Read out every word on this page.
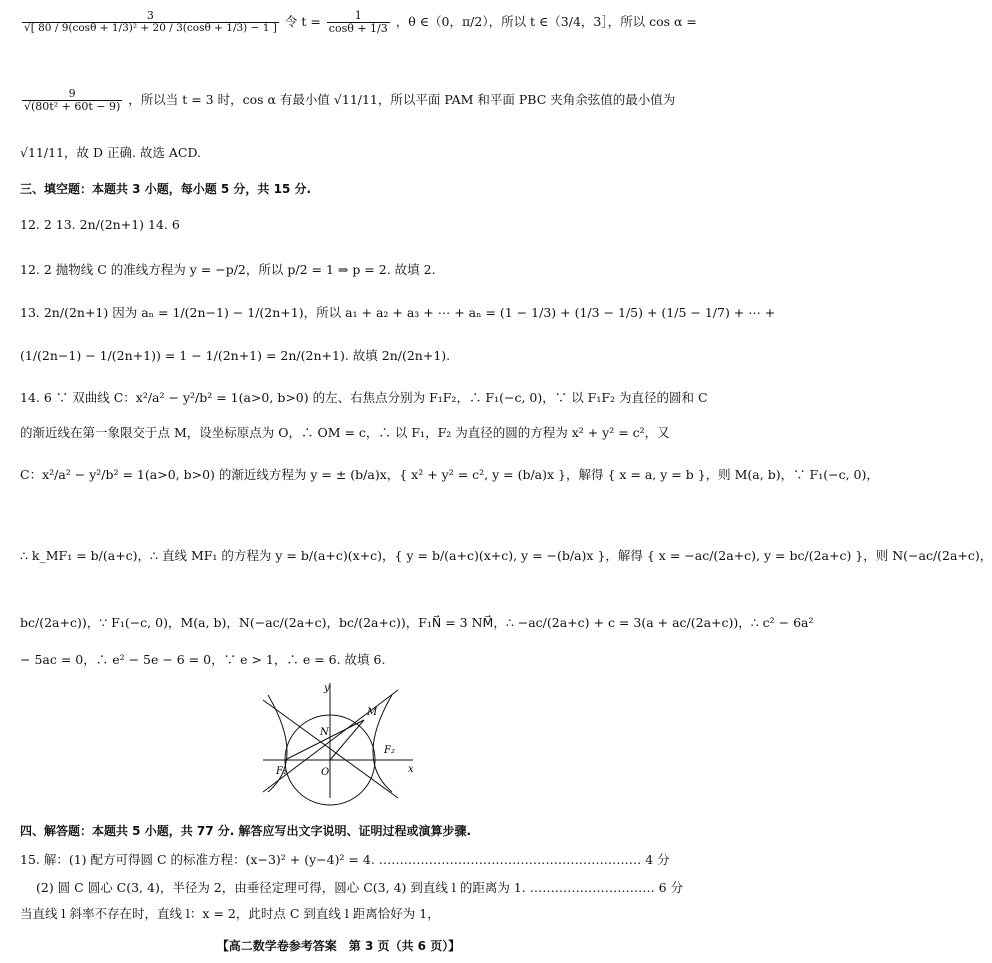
$\frac{3}{\text{√[ 80 / 9(cosθ + 1/3)² + 20 / 3(cosθ + 1/3) − 1 ]}}$ 令 $t = \frac{1}{\cos\theta + 1/3}$ ，θ ∈（0，π/2），所以 t ∈（3/4，3］，所以 cos α =
$\frac{9}{\text{√(80t² + 60t − 9)}}$ ，所以当 t = 3 时，cos α 有最小值 √11/11，所以平面 PAM 和平面 PBC 夹角余弦值的最小值为
√11/11，故 D 正确. 故选 ACD.
三、填空题：本题共 3 小题，每小题 5 分，共 15 分.
12. 2 13. 2n/(2n+1) 14. 6
12. 2 抛物线 C 的准线方程为 y = −p/2，所以 p/2 = 1 ⇒ p = 2. 故填 2.
13. 2n/(2n+1) 因为 aₙ = 1/(2n−1) − 1/(2n+1)，所以 a₁ + a₂ + a₃ + ⋯ + aₙ = (1 − 1/3) + (1/3 − 1/5) + (1/5 − 1/7) + ⋯ +
(1/(2n−1) − 1/(2n+1)) = 1 − 1/(2n+1) = 2n/(2n+1). 故填 2n/(2n+1).
14. 6 ∵ 双曲线 C：x²/a² − y²/b² = 1(a>0, b>0) 的左、右焦点分别为 F₁F₂，∴ F₁(−c, 0)，∵ 以 F₁F₂ 为直径的圆和 C
的渐近线在第一象限交于点 M，设坐标原点为 O，∴ OM = c，∴ 以 F₁，F₂ 为直径的圆的方程为 x² + y² = c²，又
C：x²/a² − y²/b² = 1(a>0, b>0) 的渐近线方程为 y = ± (b/a)x，{ x² + y² = c², y = (b/a)x }，解得 { x = a, y = b }，则 M(a, b)，∵ F₁(−c, 0)，
∴ k_MF₁ = b/(a+c)，∴ 直线 MF₁ 的方程为 y = b/(a+c)(x+c)，{ y = b/(a+c)(x+c), y = −(b/a)x }，解得 { x = −ac/(2a+c), y = bc/(2a+c) }，则 N(−ac/(2a+c)，
bc/(2a+c))，∵ F₁(−c, 0)，M(a, b)，N(−ac/(2a+c)，bc/(2a+c))，F₁N⃗ = 3 NM⃗，∴ −ac/(2a+c) + c = 3(a + ac/(2a+c))，∴ c² − 6a²
− 5ac = 0，∴ e² − 5e − 6 = 0，∵ e > 1，∴ e = 6. 故填 6.
y
x
M
N
O
F₁
F₂
四、解答题：本题共 5 小题，共 77 分. 解答应写出文字说明、证明过程或演算步骤.
15. 解：(1) 配方可得圆 C 的标准方程：(x−3)² + (y−4)² = 4. ……………………………………………………… 4 分
(2) 圆 C 圆心 C(3, 4)，半径为 2，由垂径定理可得，圆心 C(3, 4) 到直线 l 的距离为 1. ………………………… 6 分
当直线 l 斜率不存在时，直线 l：x = 2，此时点 C 到直线 l 距离恰好为 1，
【高二数学卷参考答案　第 3 页（共 6 页）】
